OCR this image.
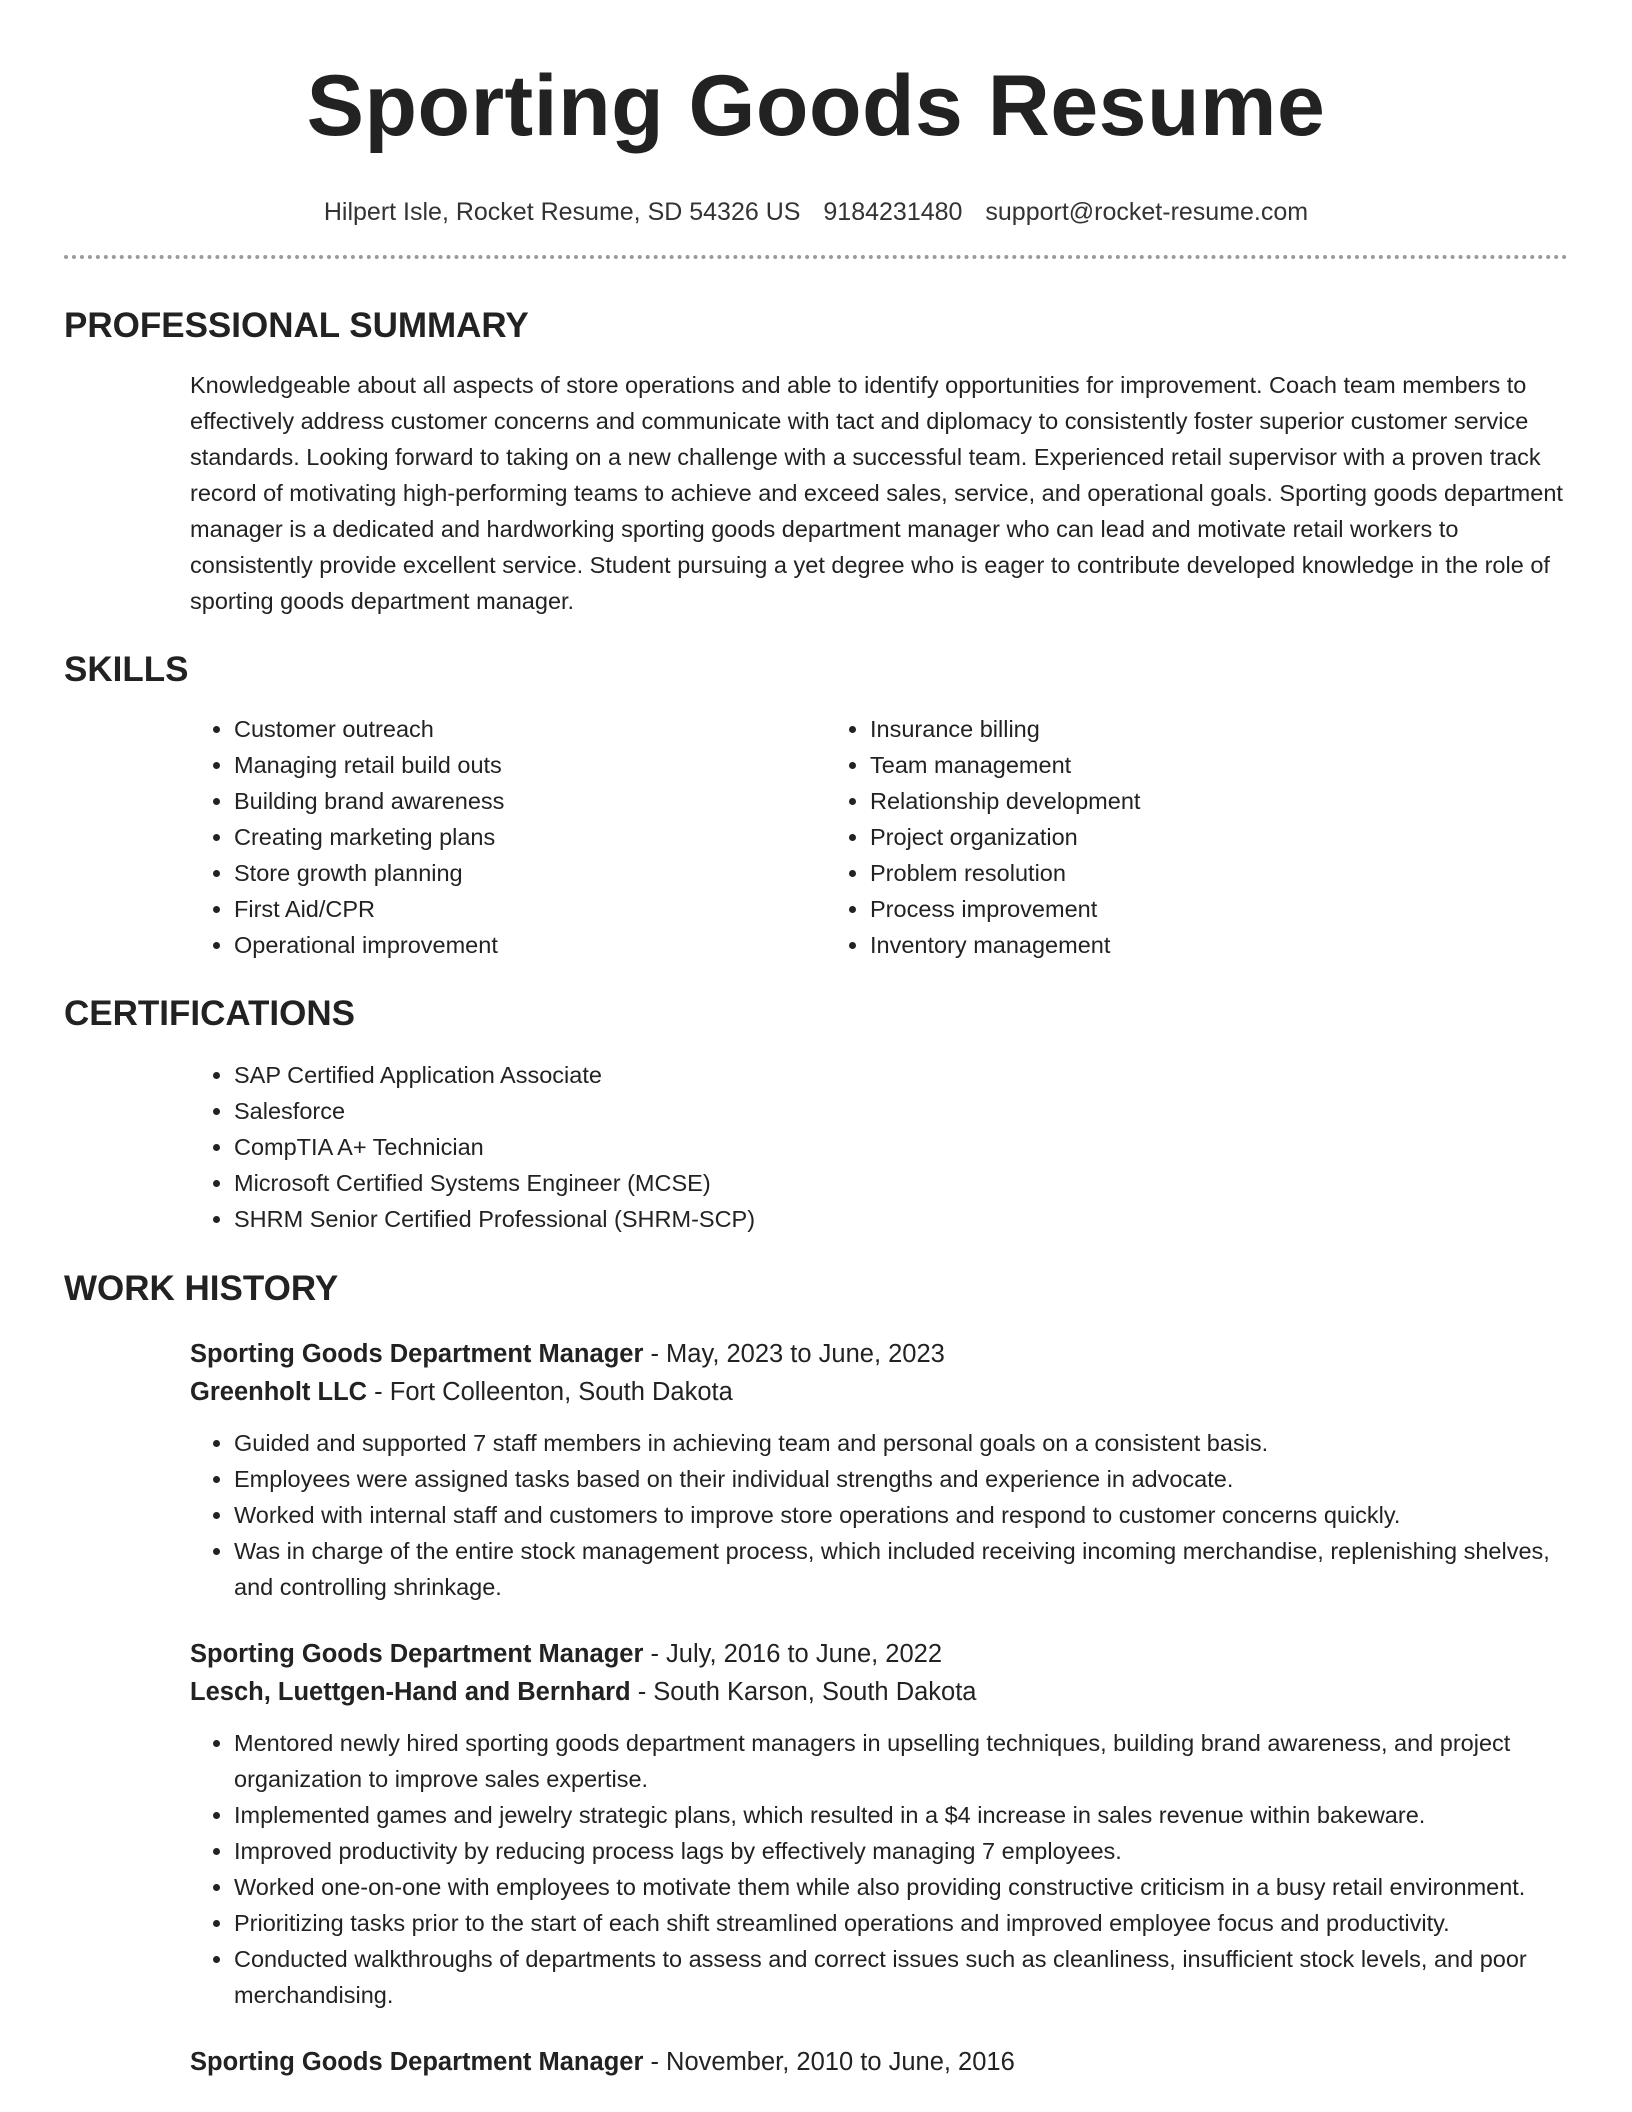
Sporting Goods Resume
Hilpert Isle, Rocket Resume, SD 54326 US 9184231480 support@rocket-resume.com
PROFESSIONAL SUMMARY
Knowledgeable about all aspects of store operations and able to identify opportunities for improvement. Coach team members to effectively address customer concerns and communicate with tact and diplomacy to consistently foster superior customer service standards. Looking forward to taking on a new challenge with a successful team. Experienced retail supervisor with a proven track record of motivating high-performing teams to achieve and exceed sales, service, and operational goals. Sporting goods department manager is a dedicated and hardworking sporting goods department manager who can lead and motivate retail workers to consistently provide excellent service. Student pursuing a yet degree who is eager to contribute developed knowledge in the role of sporting goods department manager.
SKILLS
• Customer outreach
• Managing retail build outs
• Building brand awareness
• Creating marketing plans
• Store growth planning
• First Aid/CPR
• Operational improvement
• Insurance billing
• Team management
• Relationship development
• Project organization
• Problem resolution
• Process improvement
• Inventory management
CERTIFICATIONS
• SAP Certified Application Associate
• Salesforce
• CompTIA A+ Technician
• Microsoft Certified Systems Engineer (MCSE)
• SHRM Senior Certified Professional (SHRM-SCP)
WORK HISTORY
Sporting Goods Department Manager - May, 2023 to June, 2023
Greenholt LLC - Fort Colleenton, South Dakota
• Guided and supported 7 staff members in achieving team and personal goals on a consistent basis.
• Employees were assigned tasks based on their individual strengths and experience in advocate.
• Worked with internal staff and customers to improve store operations and respond to customer concerns quickly.
• Was in charge of the entire stock management process, which included receiving incoming merchandise, replenishing shelves, and controlling shrinkage.
Sporting Goods Department Manager - July, 2016 to June, 2022
Lesch, Luettgen-Hand and Bernhard - South Karson, South Dakota
• Mentored newly hired sporting goods department managers in upselling techniques, building brand awareness, and project organization to improve sales expertise.
• Implemented games and jewelry strategic plans, which resulted in a $4 increase in sales revenue within bakeware.
• Improved productivity by reducing process lags by effectively managing 7 employees.
• Worked one-on-one with employees to motivate them while also providing constructive criticism in a busy retail environment.
• Prioritizing tasks prior to the start of each shift streamlined operations and improved employee focus and productivity.
• Conducted walkthroughs of departments to assess and correct issues such as cleanliness, insufficient stock levels, and poor merchandising.
Sporting Goods Department Manager - November, 2010 to June, 2016
